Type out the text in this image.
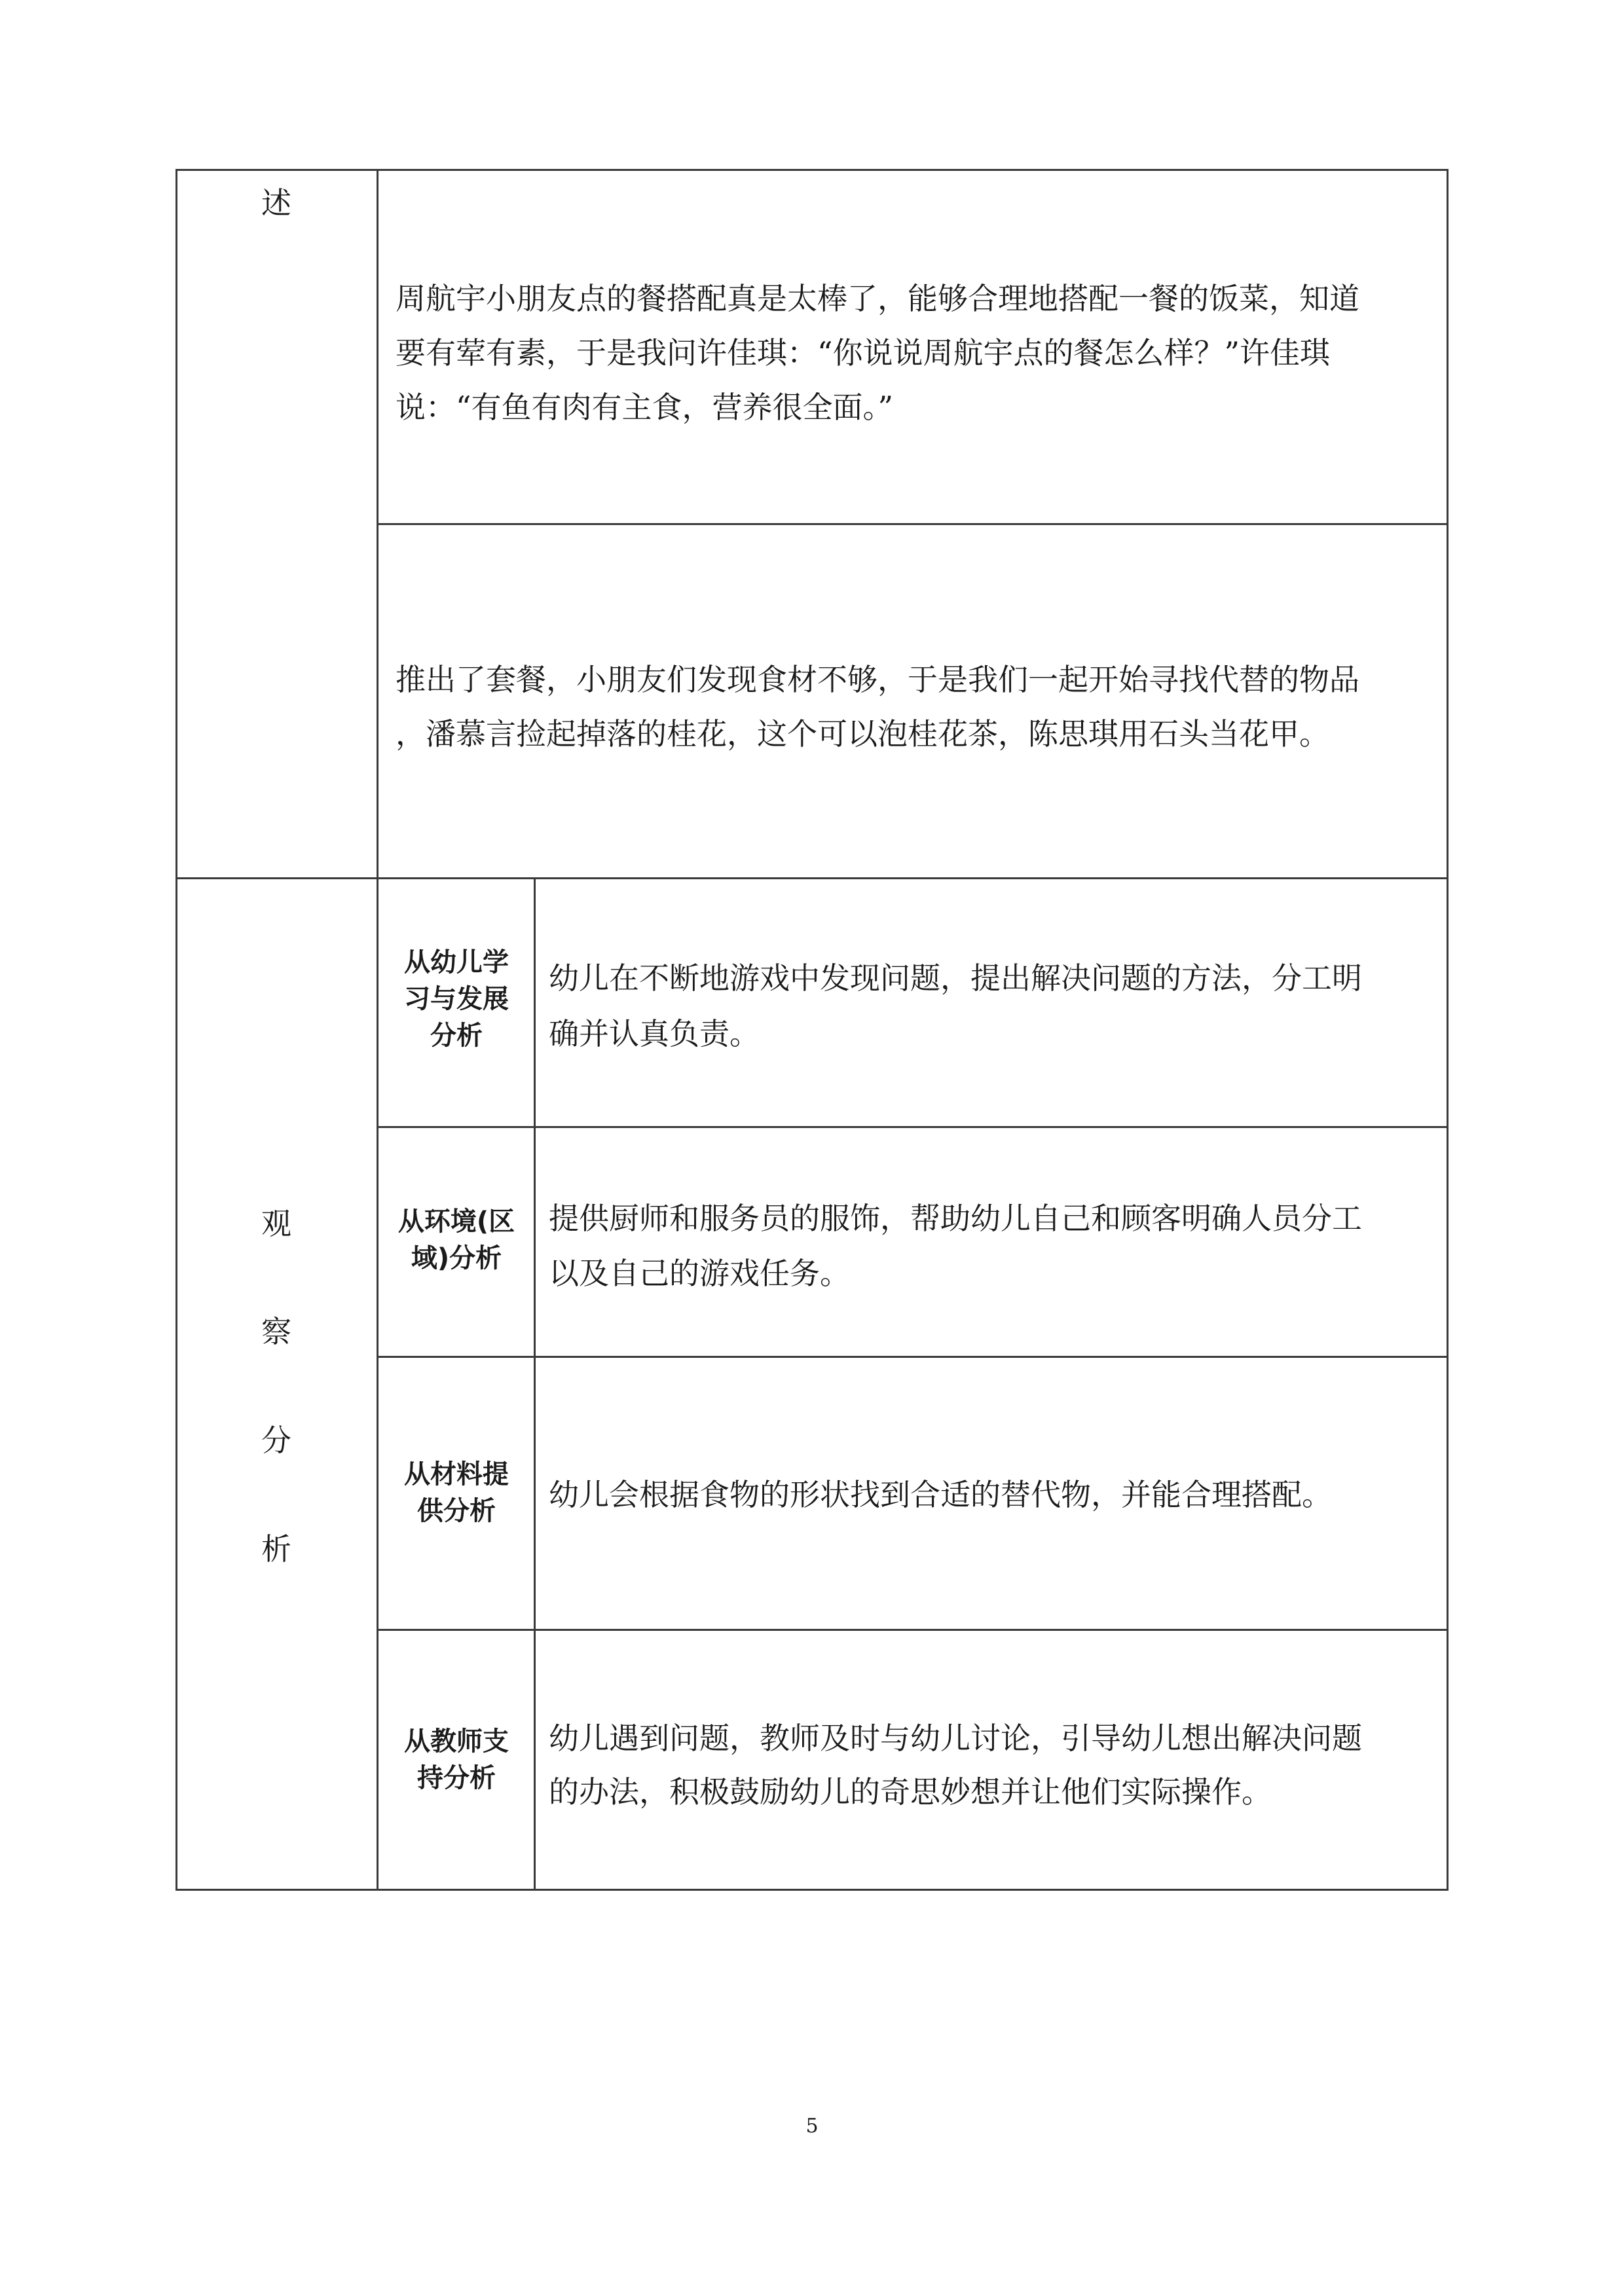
述
周航宇小朋友点的餐搭配真是太棒了，能够合理地搭配一餐的饭菜，知道
要有荤有素，于是我问许佳琪：“你说说周航宇点的餐怎么样？”许佳琪
说：“有鱼有肉有主食，营养很全面。”
推出了套餐，小朋友们发现食材不够，于是我们一起开始寻找代替的物品
，潘慕言捡起掉落的桂花，这个可以泡桂花茶，陈思琪用石头当花甲。
观
察
分
析
从幼儿学
习与发展
分析
幼儿在不断地游戏中发现问题，提出解决问题的方法，分工明
确并认真负责。
从环境(区
域)分析
提供厨师和服务员的服饰，帮助幼儿自己和顾客明确人员分工
以及自己的游戏任务。
从材料提
供分析	幼儿会根据食物的形状找到合适的替代物，并能合理搭配。
从教师支
持分析
幼儿遇到问题，教师及时与幼儿讨论，引导幼儿想出解决问题
的办法，积极鼓励幼儿的奇思妙想并让他们实际操作。
5
